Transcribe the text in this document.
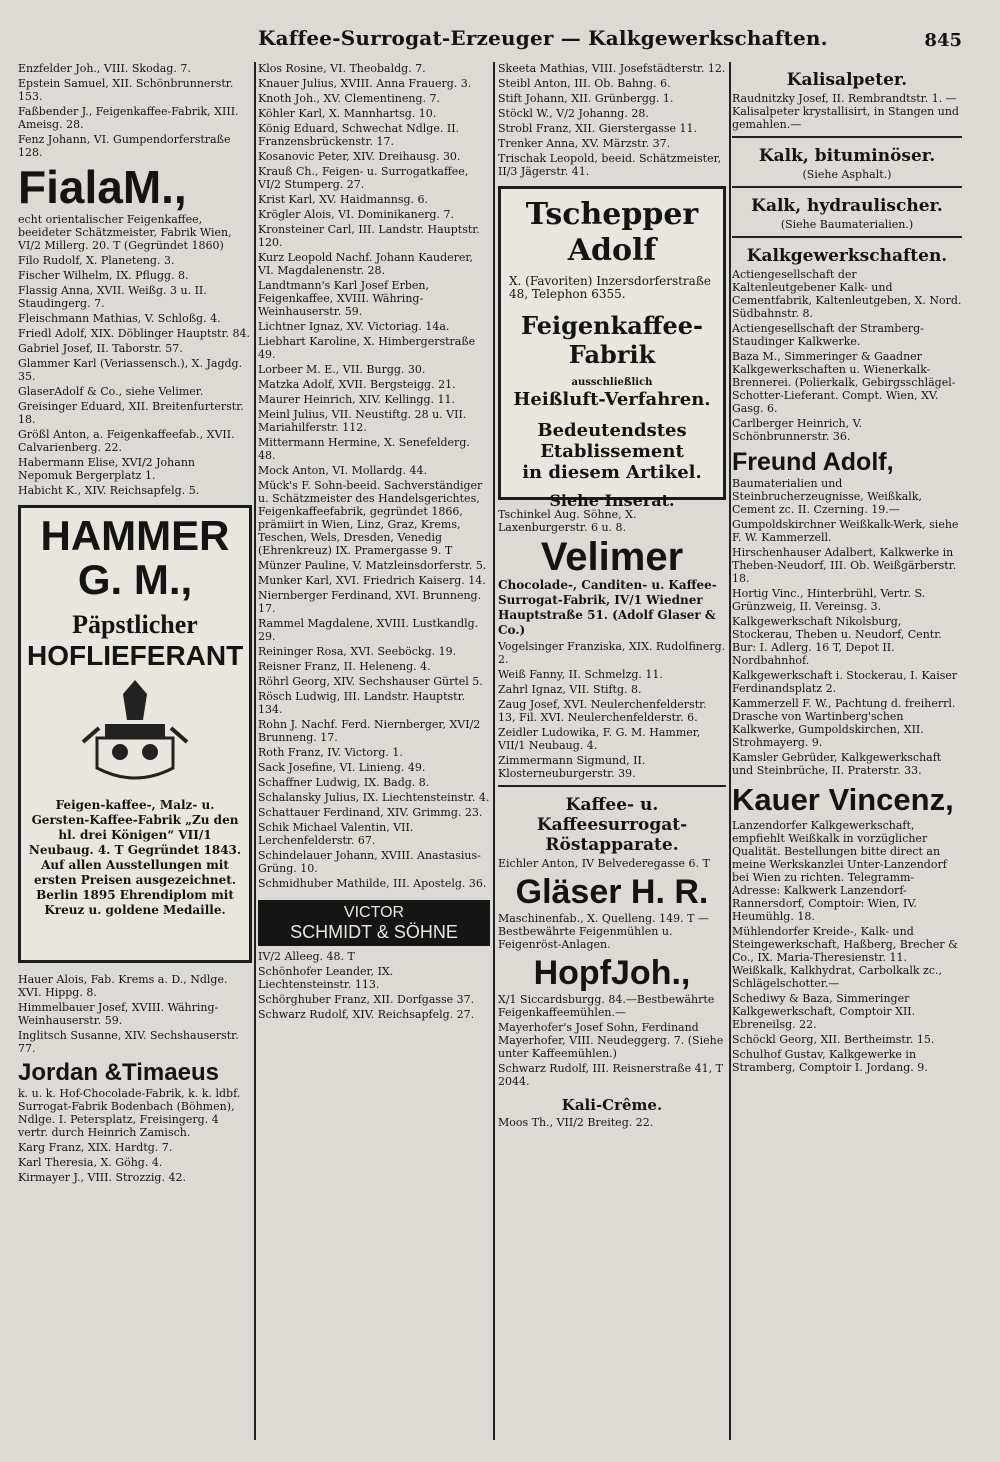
Kaffee-Surrogat-Erzeuger — Kalkgewerkschaften.	845
Enzfelder Joh., VIII. Skodag. 7.
Epstein Samuel, XII. Schönbrunnerstr. 153.
Faßbender J., Feigenkaffee-Fabrik, XIII. Ameisg. 28.
Fenz Johann, VI. Gumpendorferstraße 128.
FialaM.,
echt orientalischer Feigenkaffee, beeideter Schätzmeister, Fabrik Wien, VI/2 Millerg. 20. T (Gegründet 1860)
Filo Rudolf, X. Planeteng. 3.
Fischer Wilhelm, IX. Pflugg. 8.
Flassig Anna, XVII. Weißg. 3 u. II. Staudingerg. 7.
Fleischmann Mathias, V. Schloßg. 4.
Friedl Adolf, XIX. Döblinger Hauptstr. 84.
Gabriel Josef, II. Taborstr. 57.
Glammer Karl (Veriassensch.), X. Jagdg. 35.
GlaserAdolf & Co., siehe Velimer.
Greisinger Eduard, XII. Breitenfurterstr. 18.
Größl Anton, a. Feigenkaffeefab., XVII. Calvarienberg. 22.
Habermann Elise, XVI/2 Johann Nepomuk Bergerplatz 1.
Habicht K., XIV. Reichsapfelg. 5.
HAMMER G. M.,
Päpstlicher
HOFLIEFERANT
Feigen-kaffee-, Malz- u. Gersten-Kaffee-Fabrik „Zu den hl. drei Königen“ VII/1 Neubaug. 4. T Gegründet 1843. Auf allen Ausstellungen mit ersten Preisen ausgezeichnet. Berlin 1895 Ehrendiplom mit Kreuz u. goldene Medaille.
Hauer Alois, Fab. Krems a. D., Ndlge. XVI. Hippg. 8.
Himmelbauer Josef, XVIII. Währing-Weinhauserstr. 59.
Inglitsch Susanne, XIV. Sechshauserstr. 77.
Jordan &Timaeus
k. u. k. Hof-Chocolade-Fabrik, k. k. ldbf. Surrogat-Fabrik Bodenbach (Böhmen), Ndlge. I. Petersplatz, Freisingerg. 4 vertr. durch Heinrich Zamisch.
Karg Franz, XIX. Hardtg. 7.
Karl Theresia, X. Göhg. 4.
Kirmayer J., VIII. Strozzig. 42.
Klos Rosine, VI. Theobaldg. 7.
Knauer Julius, XVIII. Anna Frauerg. 3.
Knoth Joh., XV. Clementineng. 7.
Köhler Karl, X. Mannhartsg. 10.
König Eduard, Schwechat Ndlge. II. Franzensbrückenstr. 17.
Kosanovic Peter, XIV. Dreihausg. 30.
Krauß Ch., Feigen- u. Surrogatkaffee, VI/2 Stumperg. 27.
Krist Karl, XV. Haidmannsg. 6.
Krögler Alois, VI. Dominikanerg. 7.
Kronsteiner Carl, III. Landstr. Hauptstr. 120.
Kurz Leopold Nachf. Johann Kauderer, VI. Magdalenenstr. 28.
Landtmann's Karl Josef Erben, Feigenkaffee, XVIII. Währing-Weinhauserstr. 59.
Lichtner Ignaz, XV. Victoriag. 14a.
Liebhart Karoline, X. Himbergerstraße 49.
Lorbeer M. E., VII. Burgg. 30.
Matzka Adolf, XVII. Bergsteigg. 21.
Maurer Heinrich, XIV. Kellingg. 11.
Meinl Julius, VII. Neustiftg. 28 u. VII. Mariahilferstr. 112.
Mittermann Hermine, X. Senefelderg. 48.
Mock Anton, VI. Mollardg. 44.
Mück's F. Sohn-beeid. Sachverständiger u. Schätzmeister des Handelsgerichtes, Feigenkaffeefabrik, gegründet 1866, prämiirt in Wien, Linz, Graz, Krems, Teschen, Wels, Dresden, Venedig (Ehrenkreuz) IX. Pramergasse 9. T
Münzer Pauline, V. Matzleinsdorferstr. 5.
Munker Karl, XVI. Friedrich Kaiserg. 14.
Niernberger Ferdinand, XVI. Brunneng. 17.
Rammel Magdalene, XVIII. Lustkandlg. 29.
Reininger Rosa, XVI. Seeböckg. 19.
Reisner Franz, II. Heleneng. 4.
Röhrl Georg, XIV. Sechshauser Gürtel 5.
Rösch Ludwig, III. Landstr. Hauptstr. 134.
Rohn J. Nachf. Ferd. Niernberger, XVI/2 Brunneng. 17.
Roth Franz, IV. Victorg. 1.
Sack Josefine, VI. Linieng. 49.
Schaffner Ludwig, IX. Badg. 8.
Schalansky Julius, IX. Liechtensteinstr. 4.
Schattauer Ferdinand, XIV. Grimmg. 23.
Schik Michael Valentin, VII. Lerchenfelderstr. 67.
Schindelauer Johann, XVIII. Anastasius-Grüng. 10.
Schmidhuber Mathilde, III. Apostelg. 36.
VICTOR
SCHMIDT & SÖHNE
IV/2 Alleeg. 48. T
Schönhofer Leander, IX. Liechtensteinstr. 113.
Schörghuber Franz, XII. Dorfgasse 37.
Schwarz Rudolf, XIV. Reichsapfelg. 27.
Skeeta Mathias, VIII. Josefstädterstr. 12.
Steibl Anton, III. Ob. Bahng. 6.
Stift Johann, XII. Grünbergg. 1.
Stöckl W., V/2 Johanng. 28.
Strobl Franz, XII. Gierstergasse 11.
Trenker Anna, XV. Märzstr. 37.
Trischak Leopold, beeid. Schätzmeister, II/3 Jägerstr. 41.
Tschepper Adolf
X. (Favoriten) Inzersdorferstraße 48, Telephon 6355.
Feigenkaffee-Fabrik
ausschließlich
Heißluft-Verfahren.
Bedeutendstes Etablissement
in diesem Artikel.
Siehe Inserat.
Tschinkel Aug. Söhne, X. Laxenburgerstr. 6 u. 8.
Velimer
Chocolade-, Canditen- u. Kaffee-Surrogat-Fabrik, IV/1 Wiedner Hauptstraße 51. (Adolf Glaser & Co.)
Vogelsinger Franziska, XIX. Rudolfinerg. 2.
Weiß Fanny, II. Schmelzg. 11.
Zahrl Ignaz, VII. Stiftg. 8.
Zaug Josef, XVI. Neulerchenfelderstr. 13, Fil. XVI. Neulerchenfelderstr. 6.
Zeidler Ludowika, F. G. M. Hammer, VII/1 Neubaug. 4.
Zimmermann Sigmund, II. Klosterneuburgerstr. 39.
Kaffee- u. Kaffeesurrogat-Röstapparate.
Eichler Anton, IV Belvederegasse 6. T
Gläser H. R.
Maschinenfab., X. Quelleng. 149. T —Bestbewährte Feigenmühlen u. Feigenröst-Anlagen.
HopfJoh.,
X/1 Siccardsburgg. 84.—Bestbewährte Feigenkaffeemühlen.—
Mayerhofer's Josef Sohn, Ferdinand Mayerhofer, VIII. Neudeggerg. 7. (Siehe unter Kaffeemühlen.)
Schwarz Rudolf, III. Reisnerstraße 41, T 2044.
Kali-Crême.
Moos Th., VII/2 Breiteg. 22.
Kalisalpeter.
Raudnitzky Josef, II. Rembrandtstr. 1. —Kalisalpeter krystallisirt, in Stangen und gemahlen.—
Kalk, bituminöser.
(Siehe Asphalt.)
Kalk, hydraulischer.
(Siehe Baumaterialien.)
Kalkgewerkschaften.
Actiengesellschaft der Kaltenleutgebener Kalk- und Cementfabrik, Kaltenleutgeben, X. Nord. Südbahnstr. 8.
Actiengesellschaft der Stramberg-Staudinger Kalkwerke.
Baza M., Simmeringer & Gaadner Kalkgewerkschaften u. Wienerkalk-Brennerei. (Polierkalk, Gebirgsschlägel-Schotter-Lieferant. Compt. Wien, XV. Gasg. 6.
Carlberger Heinrich, V. Schönbrunnerstr. 36.
Freund Adolf,
Baumaterialien und Steinbrucherzeugnisse, Weißkalk, Cement zc. II. Czerning. 19.—
Gumpoldskirchner Weißkalk-Werk, siehe F. W. Kammerzell.
Hirschenhauser Adalbert, Kalkwerke in Theben-Neudorf, III. Ob. Weißgärberstr. 18.
Hortig Vinc., Hinterbrühl, Vertr. S. Grünzweig, II. Vereinsg. 3.
Kalkgewerkschaft Nikolsburg, Stockerau, Theben u. Neudorf, Centr. Bur: I. Adlerg. 16 T, Depot II. Nordbahnhof.
Kalkgewerkschaft i. Stockerau, I. Kaiser Ferdinandsplatz 2.
Kammerzell F. W., Pachtung d. freiherrl. Drasche von Wartinberg'schen Kalkwerke, Gumpoldskirchen, XII. Strohmayerg. 9.
Kamsler Gebrüder, Kalkgewerkschaft und Steinbrüche, II. Praterstr. 33.
Kauer Vincenz,
Lanzendorfer Kalkgewerkschaft, empfiehlt Weißkalk in vorzüglicher Qualität. Bestellungen bitte direct an meine Werkskanzlei Unter-Lanzendorf bei Wien zu richten. Telegramm-Adresse: Kalkwerk Lanzendorf-Rannersdorf, Comptoir: Wien, IV. Heumühlg. 18.
Mühlendorfer Kreide-, Kalk- und Steingewerkschaft, Haßberg, Brecher & Co., IX. Maria-Theresienstr. 11. Weißkalk, Kalkhydrat, Carbolkalk zc., Schlägelschotter.—
Schediwy & Baza, Simmeringer Kalkgewerkschaft, Comptoir XII. Ebreneilsg. 22.
Schöckl Georg, XII. Bertheimstr. 15.
Schulhof Gustav, Kalkgewerke in Stramberg, Comptoir I. Jordang. 9.
